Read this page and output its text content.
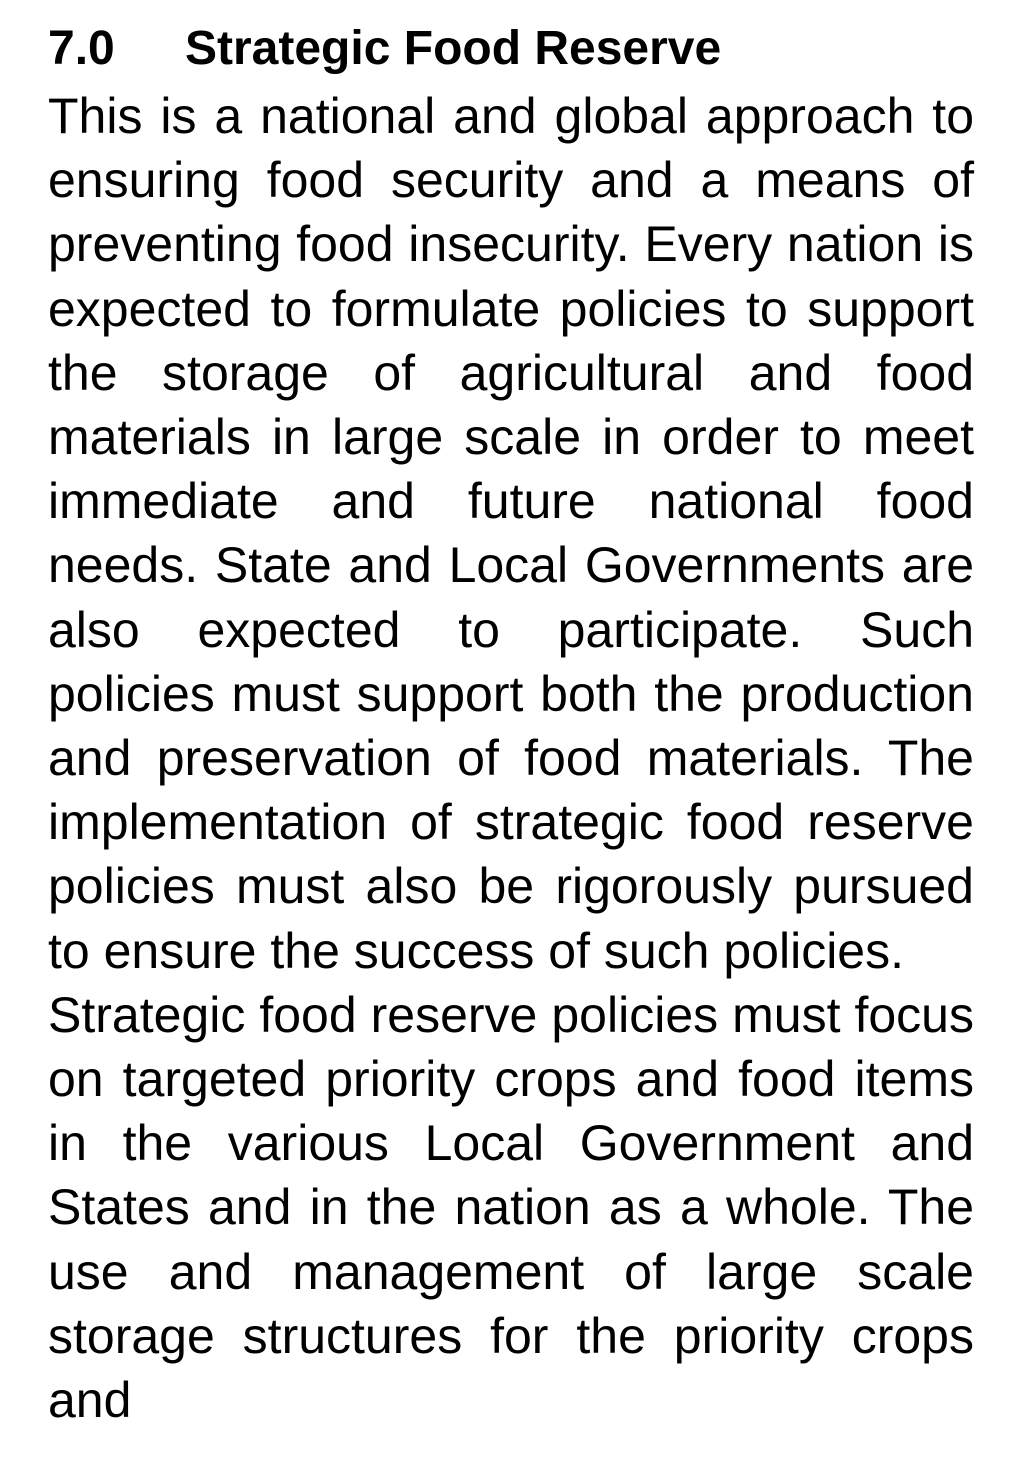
7.0 Strategic Food Reserve

This is a national and global approach to ensuring food security and a means of preventing food insecurity. Every nation is expected to formulate policies to support the storage of agricultural and food materials in large scale in order to meet immediate and future national food needs. State and Local Governments are also expected to participate. Such policies must support both the production and preservation of food materials. The implementation of strategic food reserve policies must also be rigorously pursued to ensure the success of such policies.

Strategic food reserve policies must focus on targeted priority crops and food items in the various Local Government and States and in the nation as a whole. The use and management of large scale storage structures for the priority crops and
